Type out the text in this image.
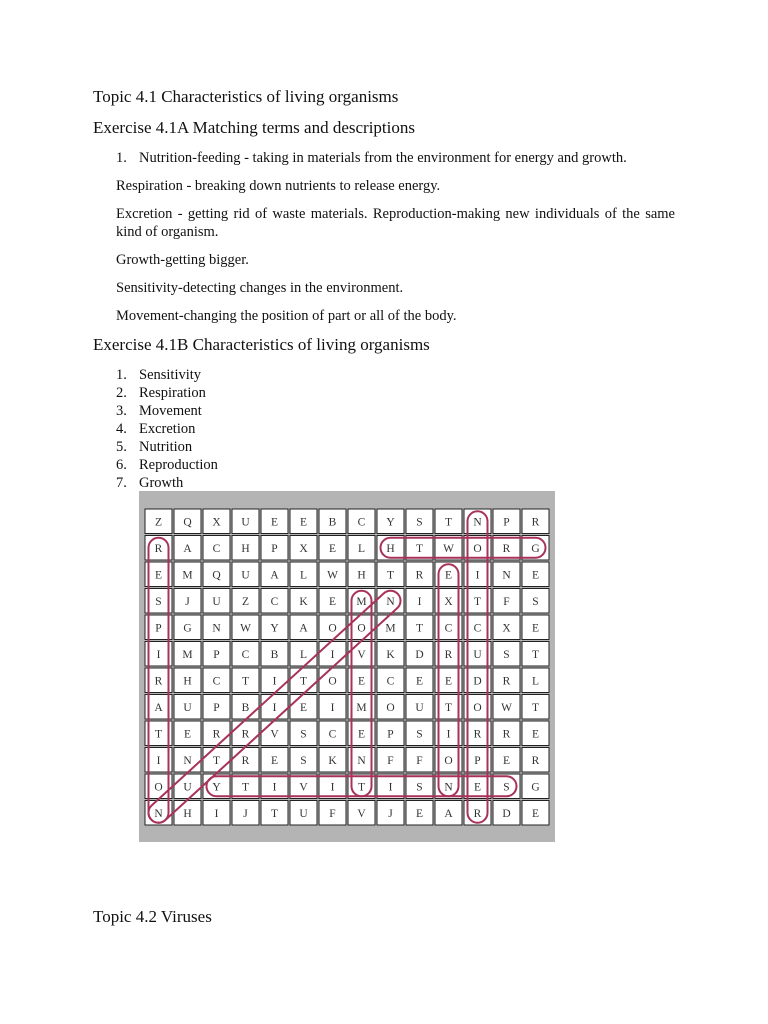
Topic 4.1 Characteristics of living organisms
Exercise 4.1A Matching terms and descriptions
1. Nutrition-feeding - taking in materials from the environment for energy and growth.
Respiration - breaking down nutrients to release energy.
Excretion - getting rid of waste materials. Reproduction-making new individuals of the same kind of organism.
Growth-getting bigger.
Sensitivity-detecting changes in the environment.
Movement-changing the position of part or all of the body.
Exercise 4.1B Characteristics of living organisms
1. Sensitivity
2. Respiration
3. Movement
4. Excretion
5. Nutrition
6. Reproduction
7. Growth
Z Q X U E E B C Y S T N P R
R A C H P X E L H T W O R G
E M Q U A L W H T R E I N E
S J U Z C K E M N I X T F S
P G N W Y A O O M T C C X E
I M P C B L I V K D R U S T
R H C T I T O E C E E D R L
A U P B I E I M O U T O W T
T E R R V S C E P S I R R E
I N T R E S K N F F O P E R
O U Y T I V I T I S N E S G
N H I J T U F V J E A R D E
Topic 4.2 Viruses
